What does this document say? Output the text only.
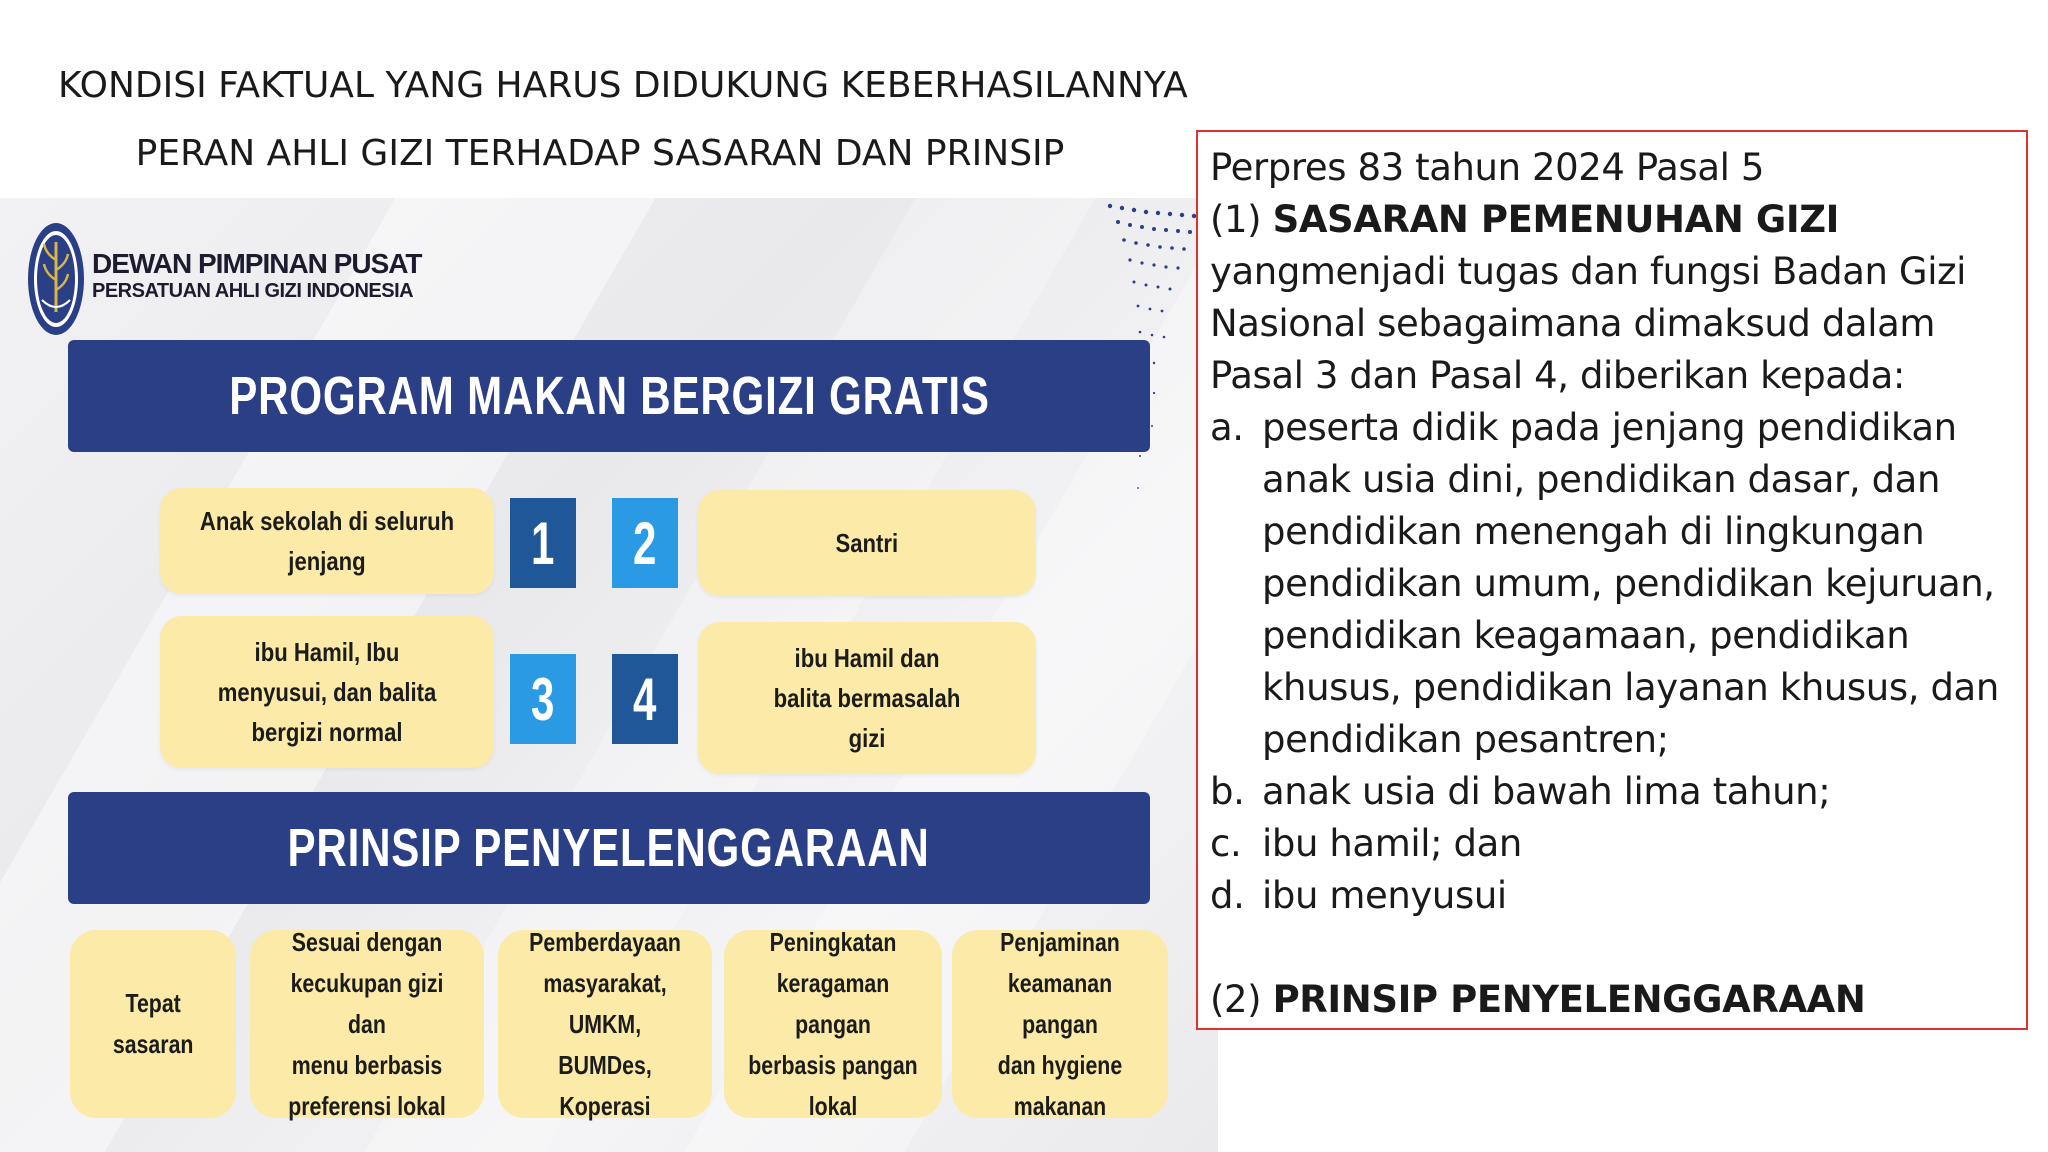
KONDISI FAKTUAL YANG HARUS DIDUKUNG KEBERHASILANNYA
PERAN AHLI GIZI TERHADAP SASARAN DAN PRINSIP
DEWAN PIMPINAN PUSAT
PERSATUAN AHLI GIZI INDONESIA
PROGRAM MAKAN BERGIZI GRATIS
Anak sekolah di seluruh jenjang	1 2	Santri
ibu Hamil, Ibu menyusui, dan balita bergizi normal	3 4
ibu Hamil dan balita bermasalah gizi
PRINSIP PENYELENGGARAAN
Tepat
sasaran
Sesuai dengan
kecukupan gizi dan
menu berbasis
preferensi lokal
Pemberdayaan
masyarakat, UMKM,
BUMDes, Koperasi
Peningkatan
keragaman pangan
berbasis pangan
lokal
Penjaminan
keamanan pangan
dan hygiene
makanan

Perpres 83 tahun 2024 Pasal 5

(1) SASARAN PEMENUHAN GIZI

yangmenjadi tugas dan fungsi Badan Gizi Nasional sebagaimana dimaksud dalam Pasal 3 dan Pasal 4, diberikan kepada:

a. peserta didik pada jenjang pendidikan anak usia dini, pendidikan dasar, dan pendidikan menengah di lingkungan pendidikan umum, pendidikan kejuruan, pendidikan keagamaan, pendidikan khusus, pendidikan layanan khusus, dan pendidikan pesantren;
b. anak usia di bawah lima tahun;
c. ibu hamil; dan
d. ibu menyusui

(2) PRINSIP PENYELENGGARAAN
